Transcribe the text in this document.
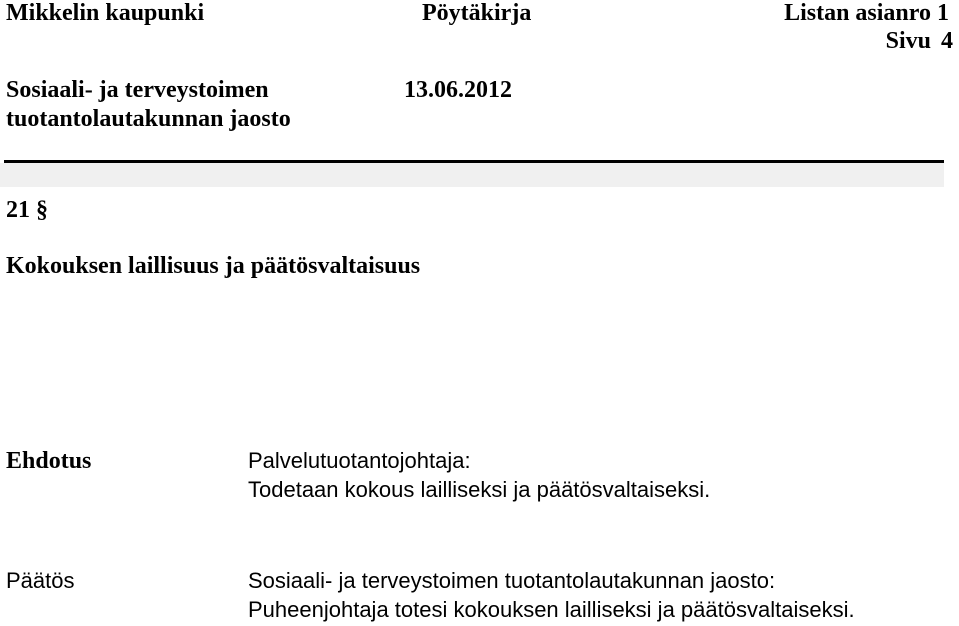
Mikkelin kaupunki	Pöytäkirja	Listan asianro 1
Sivu 4
Sosiaali- ja terveystoimen
tuotantolautakunnan jaosto
13.06.2012
21 §
Kokouksen laillisuus ja päätösvaltaisuus
Ehdotus	Palvelutuotantojohtaja:
Todetaan kokous lailliseksi ja päätösvaltaiseksi.
Päätös	Sosiaali- ja terveystoimen tuotantolautakunnan jaosto:
Puheenjohtaja totesi kokouksen lailliseksi ja päätösvaltaiseksi.
